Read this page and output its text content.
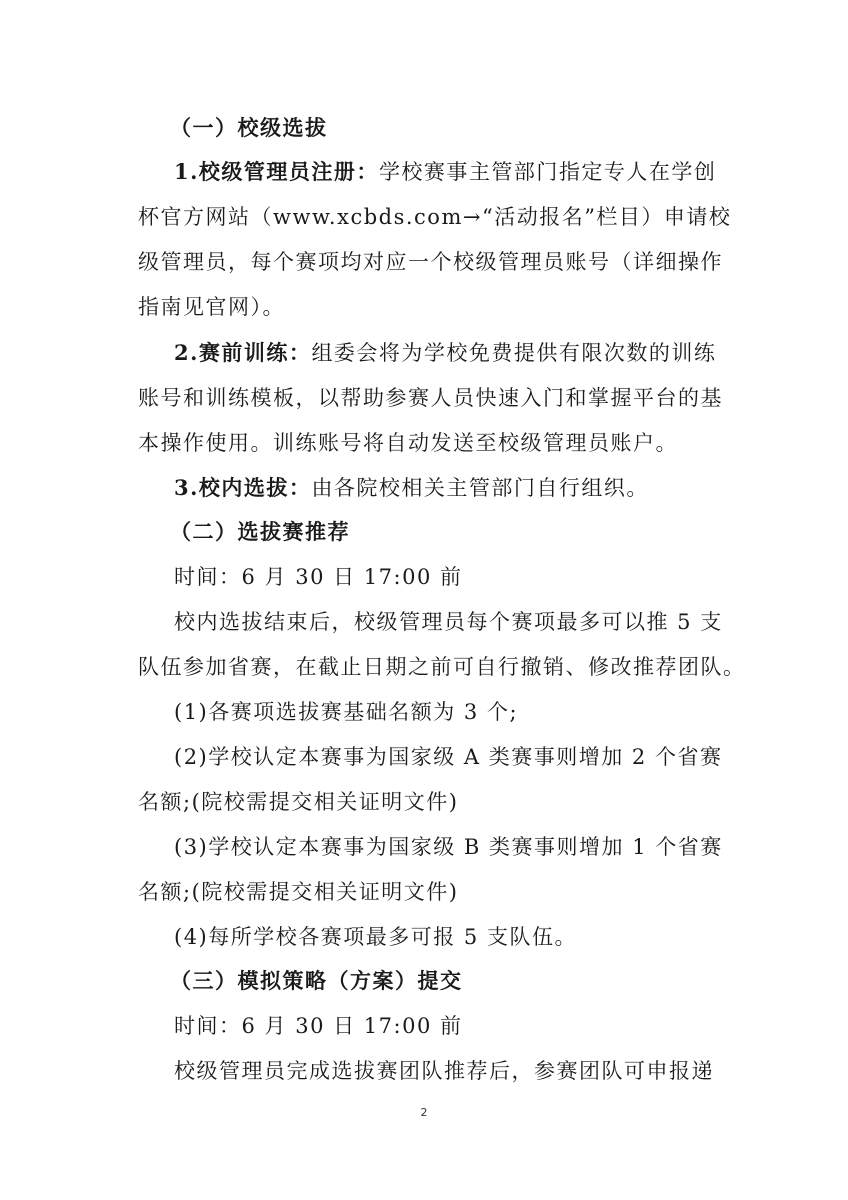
（一）校级选拔
1.校级管理员注册：学校赛事主管部门指定专人在学创
杯官方网站（www.xcbds.com→“活动报名”栏目）申请校
级管理员，每个赛项均对应一个校级管理员账号（详细操作
指南见官网）。
2.赛前训练：组委会将为学校免费提供有限次数的训练
账号和训练模板，以帮助参赛人员快速入门和掌握平台的基
本操作使用。训练账号将自动发送至校级管理员账户。
3.校内选拔：由各院校相关主管部门自行组织。
（二）选拔赛推荐
时间：6 月 30 日 17:00 前
校内选拔结束后，校级管理员每个赛项最多可以推 5 支
队伍参加省赛，在截止日期之前可自行撤销、修改推荐团队。
(1)各赛项选拔赛基础名额为 3 个;
(2)学校认定本赛事为国家级 A 类赛事则增加 2 个省赛
名额;(院校需提交相关证明文件)
(3)学校认定本赛事为国家级 B 类赛事则增加 1 个省赛
名额;(院校需提交相关证明文件)
(4)每所学校各赛项最多可报 5 支队伍。
（三）模拟策略（方案）提交
时间：6 月 30 日 17:00 前
校级管理员完成选拔赛团队推荐后，参赛团队可申报递
2
